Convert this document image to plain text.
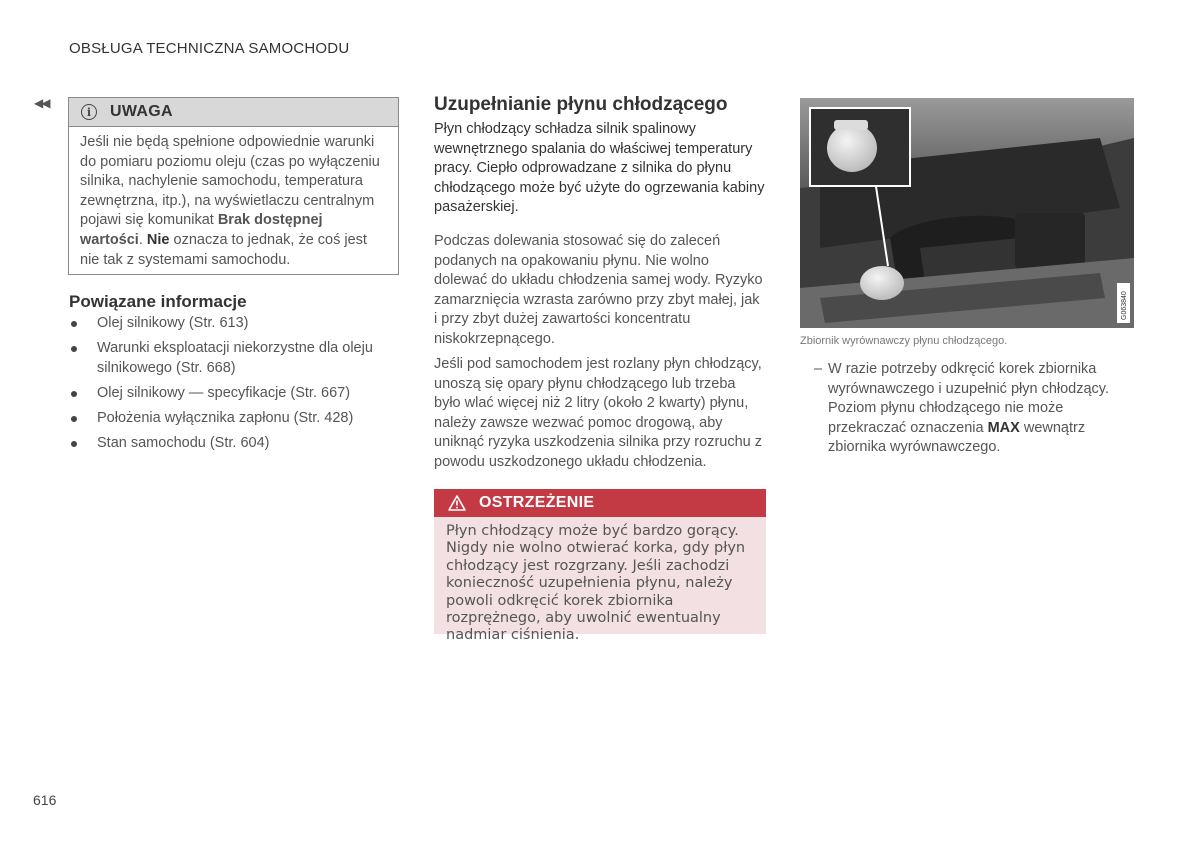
OBSŁUGA TECHNICZNA SAMOCHODU
◀◀
i	UWAGA
Jeśli nie będą spełnione odpowiednie warunki do pomiaru poziomu oleju (czas po wyłączeniu silnika, nachylenie samochodu, temperatura zewnętrzna, itp.), na wyświetlaczu centralnym pojawi się komunikat Brak dostępnej wartości. Nie oznacza to jednak, że coś jest nie tak z systemami samochodu.
Powiązane informacje
Olej silnikowy (Str. 613)
Warunki eksploatacji niekorzystne dla oleju silnikowego (Str. 668)
Olej silnikowy — specyfikacje (Str. 667)
Położenia wyłącznika zapłonu (Str. 428)
Stan samochodu (Str. 604)
Uzupełnianie płynu chłodzącego
Płyn chłodzący schładza silnik spalinowy wewnętrznego spalania do właściwej temperatury pracy. Ciepło odprowadzane z silnika do płynu chłodzącego może być użyte do ogrzewania kabiny pasażerskiej.
Podczas dolewania stosować się do zaleceń podanych na opakowaniu płynu. Nie wolno dolewać do układu chłodzenia samej wody. Ryzyko zamarznięcia wzrasta zarówno przy zbyt małej, jak i przy zbyt dużej zawartości koncentratu niskokrzepnącego.
Jeśli pod samochodem jest rozlany płyn chłodzący, unoszą się opary płynu chłodzącego lub trzeba było wlać więcej niż 2 litry (około 2 kwarty) płynu, należy zawsze wezwać pomoc drogową, aby uniknąć ryzyka uszkodzenia silnika przy rozruchu z powodu uszkodzonego układu chłodzenia.
OSTRZEŻENIE
Płyn chłodzący może być bardzo gorący. Nigdy nie wolno otwierać korka, gdy płyn chłodzący jest rozgrzany. Jeśli zachodzi konieczność uzupełnienia płynu, należy powoli odkręcić korek zbiornika rozprężnego, aby uwolnić ewentualny nadmiar ciśnienia.
G063840
Zbiornik wyrównawczy płynu chłodzącego.
– W razie potrzeby odkręcić korek zbiornika wyrównawczego i uzupełnić płyn chłodzący. Poziom płynu chłodzącego nie może przekraczać oznaczenia MAX wewnątrz zbiornika wyrównawczego.
616
